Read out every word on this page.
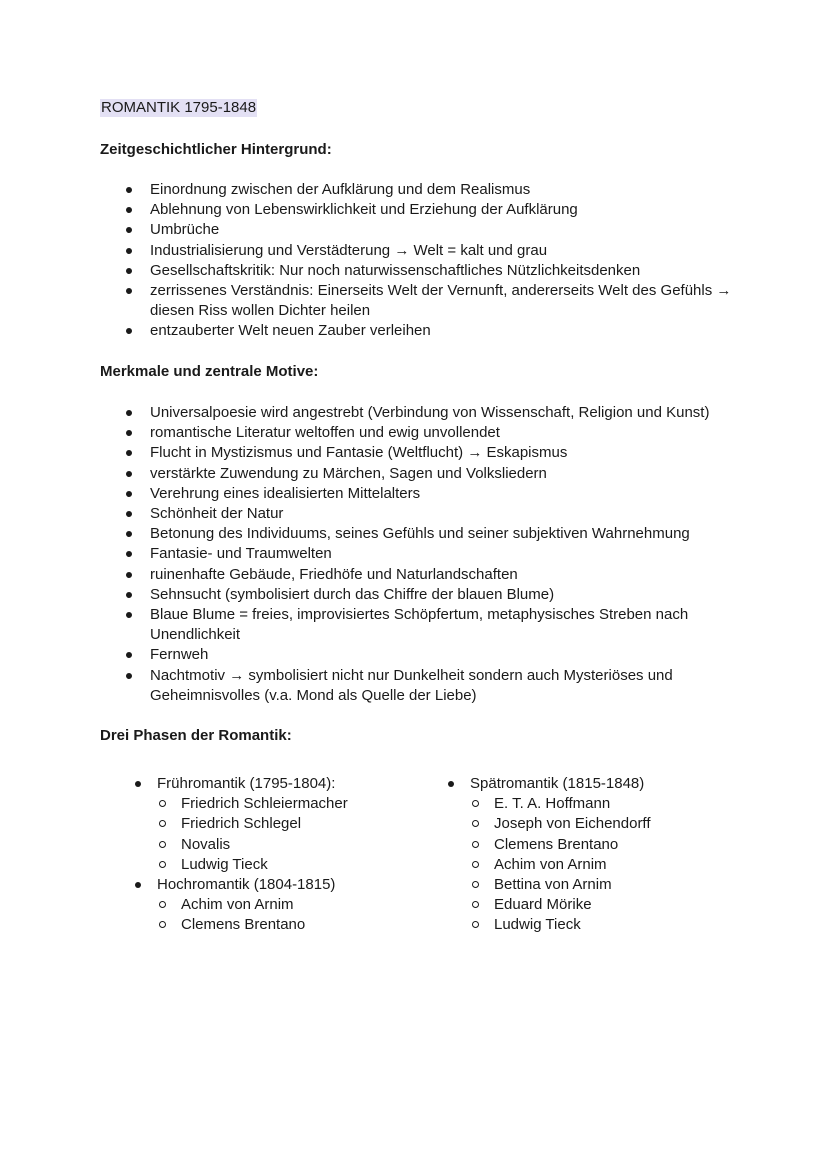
ROMANTIK 1795-1848
Zeitgeschichtlicher Hintergrund:
Einordnung zwischen der Aufklärung und dem Realismus
Ablehnung von Lebenswirklichkeit und Erziehung der Aufklärung
Umbrüche
Industrialisierung und Verstädterung → Welt = kalt und grau
Gesellschaftskritik: Nur noch naturwissenschaftliches Nützlichkeitsdenken
zerrissenes Verständnis: Einerseits Welt der Vernunft, andererseits Welt des Gefühls → diesen Riss wollen Dichter heilen
entzauberter Welt neuen Zauber verleihen
Merkmale und zentrale Motive:
Universalpoesie wird angestrebt (Verbindung von Wissenschaft, Religion und Kunst)
romantische Literatur weltoffen und ewig unvollendet
Flucht in Mystizismus und Fantasie (Weltflucht) → Eskapismus
verstärkte Zuwendung zu Märchen, Sagen und Volksliedern
Verehrung eines idealisierten Mittelalters
Schönheit der Natur
Betonung des Individuums, seines Gefühls und seiner subjektiven Wahrnehmung
Fantasie- und Traumwelten
ruinenhafte Gebäude, Friedhöfe und Naturlandschaften
Sehnsucht (symbolisiert durch das Chiffre der blauen Blume)
Blaue Blume = freies, improvisiertes Schöpfertum, metaphysisches Streben nach Unendlichkeit
Fernweh
Nachtmotiv → symbolisiert nicht nur Dunkelheit sondern auch Mysteriöses und Geheimnisvolles (v.a. Mond als Quelle der Liebe)
Drei Phasen der Romantik:
Frühromantik (1795-1804):
Friedrich Schleiermacher
Friedrich Schlegel
Novalis
Ludwig Tieck
Hochromantik (1804-1815)
Achim von Arnim
Clemens Brentano
Spätromantik (1815-1848)
E. T. A. Hoffmann
Joseph von Eichendorff
Clemens Brentano
Achim von Arnim
Bettina von Arnim
Eduard Mörike
Ludwig Tieck
